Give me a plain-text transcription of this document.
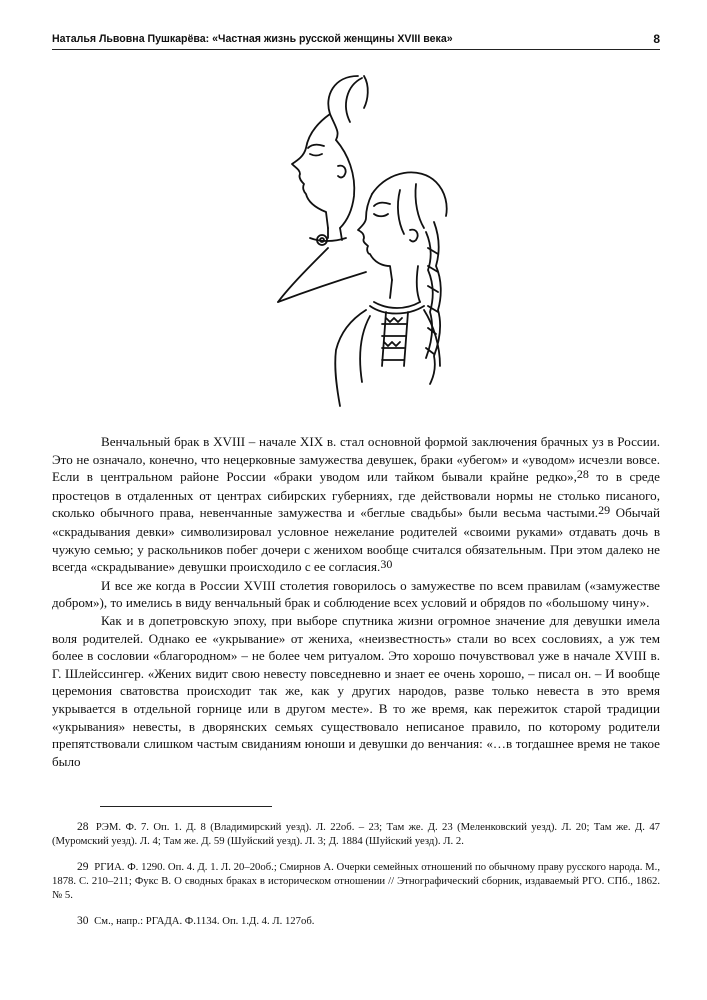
Наталья Львовна Пушкарёва: «Частная жизнь русской женщины XVIII века»	8

Венчальный брак в XVIII – начале XIX в. стал основной формой заключения брачных уз в России. Это не означало, конечно, что нецерковные замужества девушек, браки «убегом» и «уводом» исчезли вовсе. Если в центральном районе России «браки уводом или тайком бывали крайне редко»,$^{28}$ то в среде простецов в отдаленных от центрах сибирских губерниях, где действовали нормы не столько писаного, сколько обычного права, невенчанные замужества и «беглые свадьбы» были весьма частыми.$^{29}$ Обычай «скрадывания девки» символизировал условное нежелание родителей «своими руками» отдавать дочь в чужую семью; у раскольников побег дочери с женихом вообще считался обязательным. При этом далеко не всегда «скрадывание» девушки происходило с ее согласия.$^{30}$

И все же когда в России XVIII столетия говорилось о замужестве по всем правилам («замужестве добром»), то имелись в виду венчальный брак и соблюдение всех условий и обрядов по «большому чину».

Как и в допетровскую эпоху, при выборе спутника жизни огромное значение для девушки имела воля родителей. Однако ее «укрывание» от жениха, «неизвестность» стали во всех сословиях, а уж тем более в сословии «благородном» – не более чем ритуалом. Это хорошо почувствовал уже в начале XVIII в. Г. Шлейссингер. «Жених видит свою невесту повседневно и знает ее очень хорошо, – писал он. – И вообще церемония сватовства происходит так же, как у других народов, разве только невеста в это время укрывается в отдельной горнице или в другом месте». В то же время, как пережиток старой традиции «укрывания» невесты, в дворянских семьях существовало неписаное правило, по которому родители препятствовали слишком частым свиданиям юноши и девушки до венчания: «…в тогдашнее время не такое было

28 РЭМ. Ф. 7. Оп. 1. Д. 8 (Владимирский уезд). Л. 22об. – 23; Там же. Д. 23 (Меленковский уезд). Л. 20; Там же. Д. 47 (Муромский уезд). Л. 4; Там же. Д. 59 (Шуйский уезд). Л. 3; Д. 1884 (Шуйский уезд). Л. 2.

29 РГИА. Ф. 1290. Оп. 4. Д. 1. Л. 20–20об.; Смирнов А. Очерки семейных отношений по обычному праву русского народа. М., 1878. С. 210–211; Фукс В. О сводных браках в историческом отношении // Этнографический сборник, издаваемый РГО. СПб., 1862. № 5.

30 См., напр.: РГАДА. Ф.1134. Оп. 1.Д. 4. Л. 127об.
